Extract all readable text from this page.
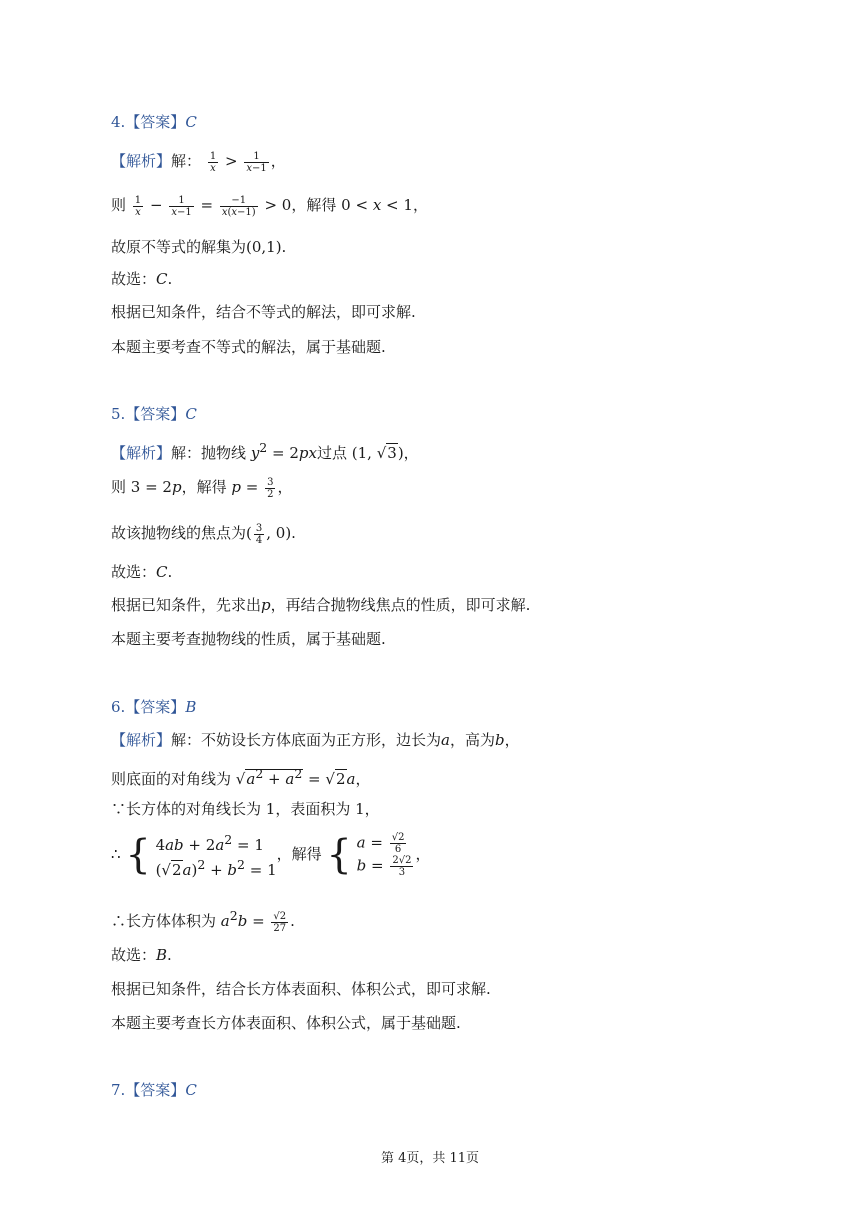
4.【答案】C
【解析】解： $\frac{1}{x} > \frac{1}{x-1}$ ，
则 $\frac{1}{x} - \frac{1}{x-1} = \frac{-1}{x(x-1)} > 0$，解得 0 < x < 1，
故原不等式的解集为(0,1).
故选：C.
根据已知条件，结合不等式的解法，即可求解.
本题主要考查不等式的解法，属于基础题.
5.【答案】C
【解析】解：抛物线 $y^2 = 2px$过点 (1, √3)，
则 3 = 2p，解得 $p = \frac{3}{2}$ ，
故该抛物线的焦点为( $\frac{3}{4}$ , 0).
故选：C.
根据已知条件，先求出p，再结合抛物线焦点的性质，即可求解.
本题主要考查抛物线的性质，属于基础题.
6.【答案】B
【解析】解：不妨设长方体底面为正方形，边长为a，高为b，
则底面的对角线为 $√a^2 + a^2 = √2a$，
∵长方体的对角线长为 1，表面积为 1，
∴ { $4ab + 2a^2 = 1$
$(√2a)^2 + b^2 = 1$
，解得 { $a = \frac{√2}{6}$
$b = \frac{2√2}{3}$
，
∴长方体体积为 $a^2b = \frac{√2}{27}$ .
故选：B.
根据已知条件，结合长方体表面积、体积公式，即可求解.
本题主要考查长方体表面积、体积公式，属于基础题.
7.【答案】C
第 4页，共 11页
